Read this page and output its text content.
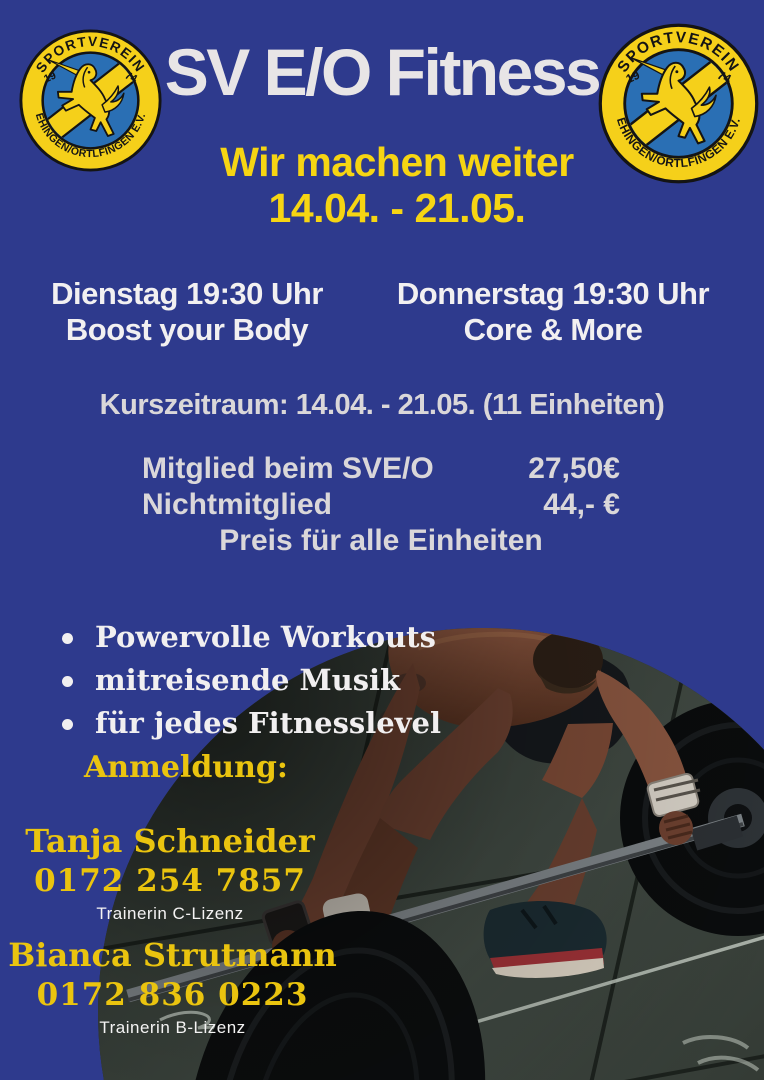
SV E/O Fitness
Wir machen weiter
14.04. - 21.05.
Dienstag 19:30 Uhr
Boost your Body
Donnerstag 19:30 Uhr
Core & More
Kurszeitraum: 14.04. - 21.05. (11 Einheiten)
Mitglied beim SVE/O	27,50€
Nichtmitglied	44,- €
Preis für alle Einheiten
Powervolle Workouts
mitreisende Musik
für jedes Fitnesslevel
Anmeldung:
Tanja Schneider
0172 254 7857
Trainerin C-Lizenz
Bianca Strutmann
0172 836 0223
Trainerin B-Lizenz
